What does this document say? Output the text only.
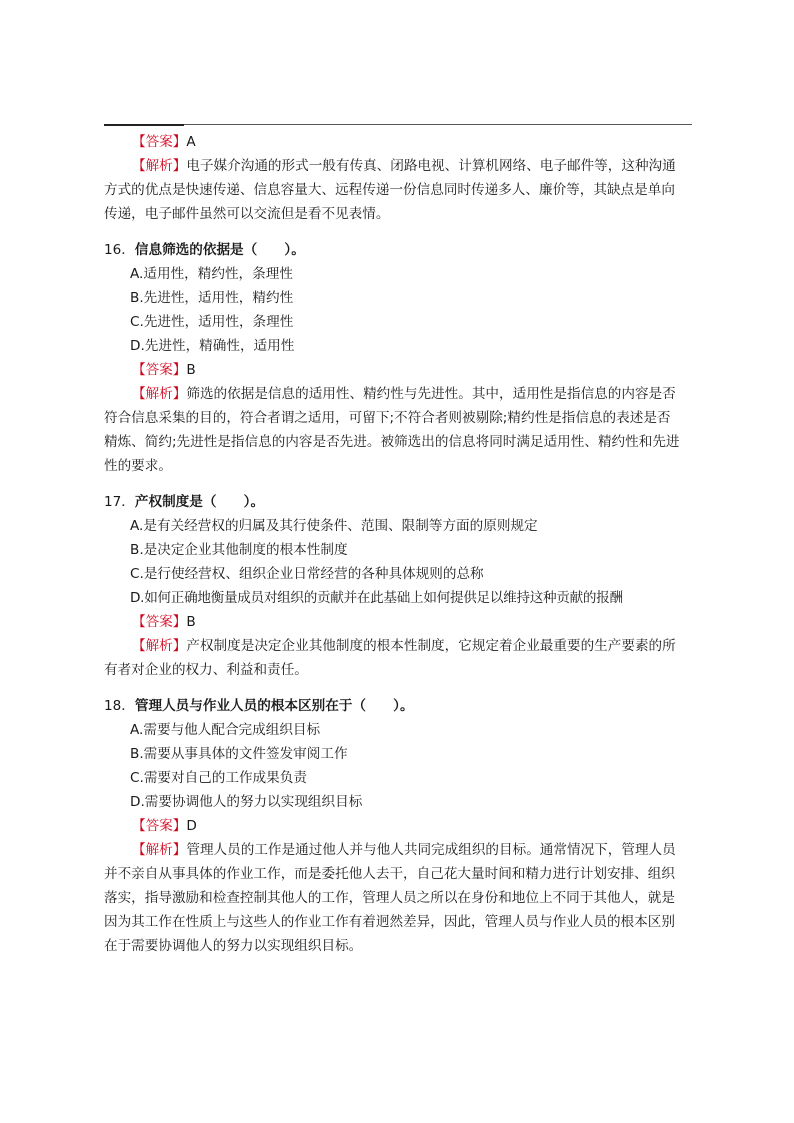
【答案】A
【解析】电子媒介沟通的形式一般有传真、闭路电视、计算机网络、电子邮件等，这种沟通
方式的优点是快速传递、信息容量大、远程传递一份信息同时传递多人、廉价等，其缺点是单向
传递，电子邮件虽然可以交流但是看不见表情。
16．信息筛选的依据是（　　）。
A.适用性，精约性，条理性
B.先进性，适用性，精约性
C.先进性，适用性，条理性
D.先进性，精确性，适用性
【答案】B
【解析】筛选的依据是信息的适用性、精约性与先进性。其中，适用性是指信息的内容是否
符合信息采集的目的，符合者谓之适用，可留下;不符合者则被剔除;精约性是指信息的表述是否
精炼、简约;先进性是指信息的内容是否先进。被筛选出的信息将同时满足适用性、精约性和先进
性的要求。
17．产权制度是（　　）。
A.是有关经营权的归属及其行使条件、范围、限制等方面的原则规定
B.是决定企业其他制度的根本性制度
C.是行使经营权、组织企业日常经营的各种具体规则的总称
D.如何正确地衡量成员对组织的贡献并在此基础上如何提供足以维持这种贡献的报酬
【答案】B
【解析】产权制度是决定企业其他制度的根本性制度，它规定着企业最重要的生产要素的所
有者对企业的权力、利益和责任。
18．管理人员与作业人员的根本区别在于（　　）。
A.需要与他人配合完成组织目标
B.需要从事具体的文件签发审阅工作
C.需要对自己的工作成果负责
D.需要协调他人的努力以实现组织目标
【答案】D
【解析】管理人员的工作是通过他人并与他人共同完成组织的目标。通常情况下，管理人员
并不亲自从事具体的作业工作，而是委托他人去干，自己花大量时间和精力进行计划安排、组织
落实，指导激励和检查控制其他人的工作，管理人员之所以在身份和地位上不同于其他人，就是
因为其工作在性质上与这些人的作业工作有着迥然差异，因此，管理人员与作业人员的根本区别
在于需要协调他人的努力以实现组织目标。
